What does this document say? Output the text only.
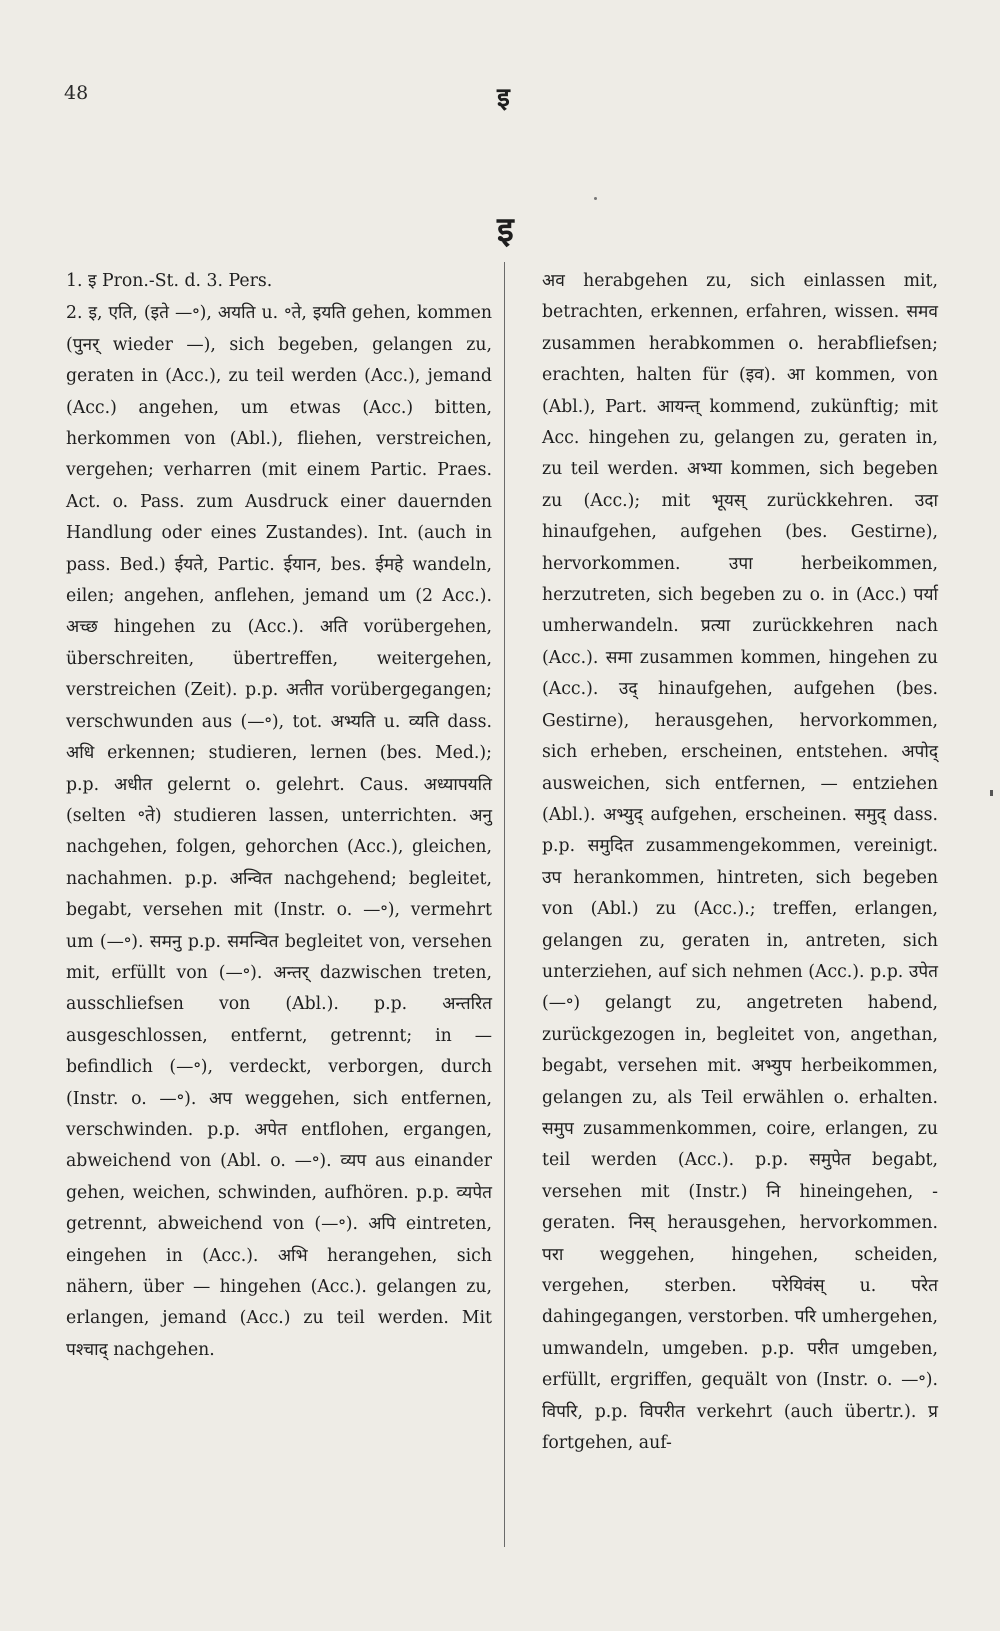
48	इ
इ

1. इ Pron.-St. d. 3. Pers.

2. इ, एति, (इते —॰), अयति u. ॰ते, इयति gehen, kommen (पुनर् wieder —), sich begeben, gelangen zu, geraten in (Acc.), zu teil werden (Acc.), jemand (Acc.) angehen, um etwas (Acc.) bitten, herkommen von (Abl.), fliehen, verstreichen, vergehen; verharren (mit einem Partic. Praes. Act. o. Pass. zum Ausdruck einer dauernden Handlung oder eines Zustandes). Int. (auch in pass. Bed.) ईयते, Partic. ईयान, bes. ईमहे wandeln, eilen; angehen, anflehen, jemand um (2 Acc.). अच्छ hingehen zu (Acc.). अति vorübergehen, überschreiten, übertreffen, weitergehen, verstreichen (Zeit). p.p. अतीत vorübergegangen; verschwunden aus (—॰), tot. अभ्यति u. व्यति dass. अधि erkennen; studieren, lernen (bes. Med.); p.p. अधीत gelernt o. gelehrt. Caus. अध्यापयति (selten ॰ते) studieren lassen, unterrichten. अनु nachgehen, folgen, gehorchen (Acc.), gleichen, nachahmen. p.p. अन्वित nachgehend; begleitet, begabt, versehen mit (Instr. o. —॰), vermehrt um (—॰). समनु p.p. समन्वित begleitet von, versehen mit, erfüllt von (—॰). अन्तर् dazwischen treten, ausschliefsen von (Abl.). p.p. अन्तरित ausgeschlossen, entfernt, getrennt; in — befindlich (—॰), verdeckt, verborgen, durch (Instr. o. —॰). अप weggehen, sich entfernen, verschwinden. p.p. अपेत entflohen, ergangen, abweichend von (Abl. o. —॰). व्यप aus einander gehen, weichen, schwinden, aufhören. p.p. व्यपेत getrennt, abweichend von (—॰). अपि eintreten, eingehen in (Acc.). अभि herangehen, sich nähern, über — hingehen (Acc.). gelangen zu, erlangen, jemand (Acc.) zu teil werden. Mit पश्चाद् nachgehen.

अव herabgehen zu, sich einlassen mit, betrachten, erkennen, erfahren, wissen. समव zusammen herabkommen o. herabfliefsen; erachten, halten für (इव). आ kommen, von (Abl.), Part. आयन्त् kommend, zukünftig; mit Acc. hingehen zu, gelangen zu, geraten in, zu teil werden. अभ्या kommen, sich begeben zu (Acc.); mit भूयस् zurückkehren. उदा hinaufgehen, aufgehen (bes. Gestirne), hervorkommen. उपा herbeikommen, herzutreten, sich begeben zu o. in (Acc.) पर्या umherwandeln. प्रत्या zurückkehren nach (Acc.). समा zusammen kommen, hingehen zu (Acc.). उद् hinaufgehen, aufgehen (bes. Gestirne), herausgehen, hervorkommen, sich erheben, erscheinen, entstehen. अपोद् ausweichen, sich entfernen, — entziehen (Abl.). अभ्युद् aufgehen, erscheinen. समुद् dass. p.p. समुदित zusammengekommen, vereinigt. उप herankommen, hintreten, sich begeben von (Abl.) zu (Acc.).; treffen, erlangen, gelangen zu, geraten in, antreten, sich unterziehen, auf sich nehmen (Acc.). p.p. उपेत (—॰) gelangt zu, angetreten habend, zurückgezogen in, begleitet von, angethan, begabt, versehen mit. अभ्युप herbeikommen, gelangen zu, als Teil erwählen o. erhalten. समुप zusammenkommen, coire, erlangen, zu teil werden (Acc.). p.p. समुपेत begabt, versehen mit (Instr.) नि hineingehen, -geraten. निस् herausgehen, hervorkommen. परा weggehen, hingehen, scheiden, vergehen, sterben. परेयिवंस् u. परेत dahingegangen, verstorben. परि umhergehen, umwandeln, umgeben. p.p. परीत umgeben, erfüllt, ergriffen, gequält von (Instr. o. —॰). विपरि, p.p. विपरीत verkehrt (auch übertr.). प्र fortgehen, auf-
